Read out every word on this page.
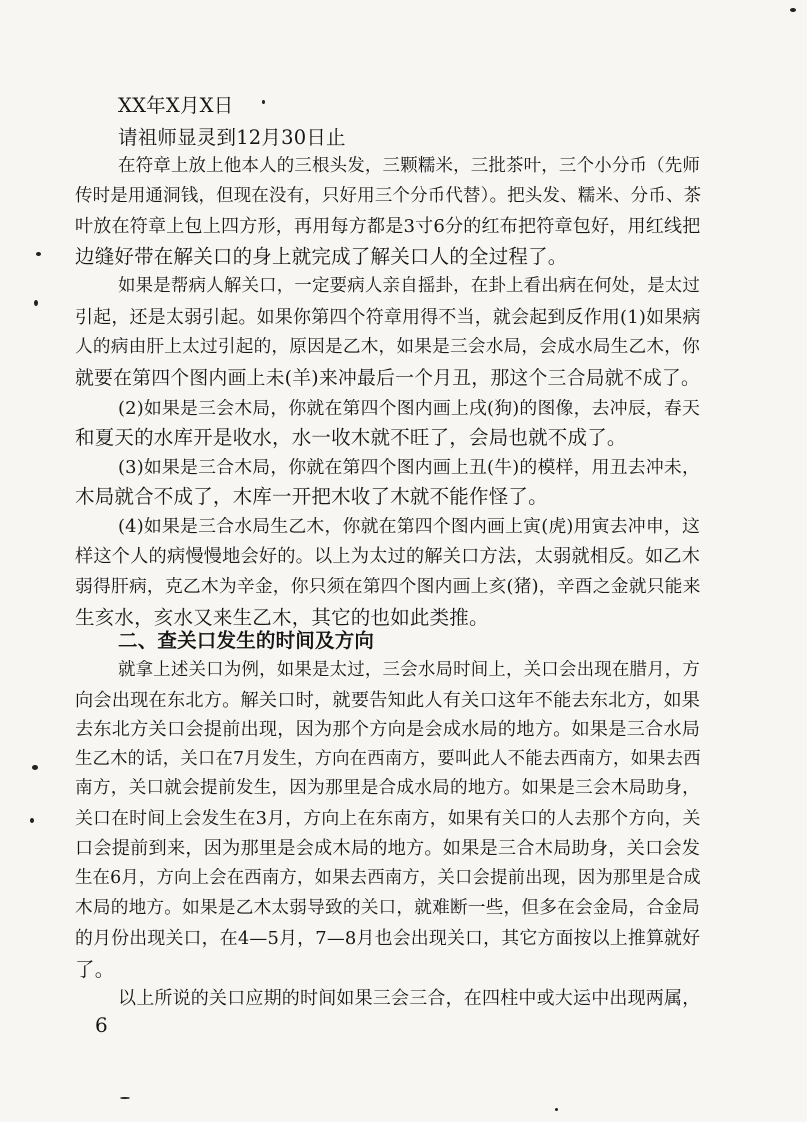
XX年X月X日
请祖师显灵到12月30日止
在符章上放上他本人的三根头发，三颗糯米，三批茶叶，三个小分币（先师
传时是用通洞钱，但现在没有，只好用三个分币代替）。把头发、糯米、分币、茶
叶放在符章上包上四方形，再用每方都是3寸6分的红布把符章包好，用红线把
边缝好带在解关口的身上就完成了解关口人的全过程了。
如果是帮病人解关口，一定要病人亲自摇卦，在卦上看出病在何处，是太过
引起，还是太弱引起。如果你第四个符章用得不当，就会起到反作用(1)如果病
人的病由肝上太过引起的，原因是乙木，如果是三会水局，会成水局生乙木，你
就要在第四个图内画上未(羊)来冲最后一个月丑，那这个三合局就不成了。
(2)如果是三会木局，你就在第四个图内画上戌(狗)的图像，去冲辰，春天
和夏天的水库开是收水，水一收木就不旺了，会局也就不成了。
(3)如果是三合木局，你就在第四个图内画上丑(牛)的模样，用丑去冲未，
木局就合不成了，木库一开把木收了木就不能作怪了。
(4)如果是三合水局生乙木，你就在第四个图内画上寅(虎)用寅去冲申，这
样这个人的病慢慢地会好的。以上为太过的解关口方法，太弱就相反。如乙木
弱得肝病，克乙木为辛金，你只须在第四个图内画上亥(猪)，辛酉之金就只能来
生亥水，亥水又来生乙木，其它的也如此类推。
二、查关口发生的时间及方向
就拿上述关口为例，如果是太过，三会水局时间上，关口会出现在腊月，方
向会出现在东北方。解关口时，就要告知此人有关口这年不能去东北方，如果
去东北方关口会提前出现，因为那个方向是会成水局的地方。如果是三合水局
生乙木的话，关口在7月发生，方向在西南方，要叫此人不能去西南方，如果去西
南方，关口就会提前发生，因为那里是合成水局的地方。如果是三会木局助身，
关口在时间上会发生在3月，方向上在东南方，如果有关口的人去那个方向，关
口会提前到来，因为那里是会成木局的地方。如果是三合木局助身，关口会发
生在6月，方向上会在西南方，如果去西南方，关口会提前出现，因为那里是合成
木局的地方。如果是乙木太弱导致的关口，就难断一些，但多在会金局，合金局
的月份出现关口，在4—5月，7—8月也会出现关口，其它方面按以上推算就好
了。
以上所说的关口应期的时间如果三会三合，在四柱中或大运中出现两属，
6
